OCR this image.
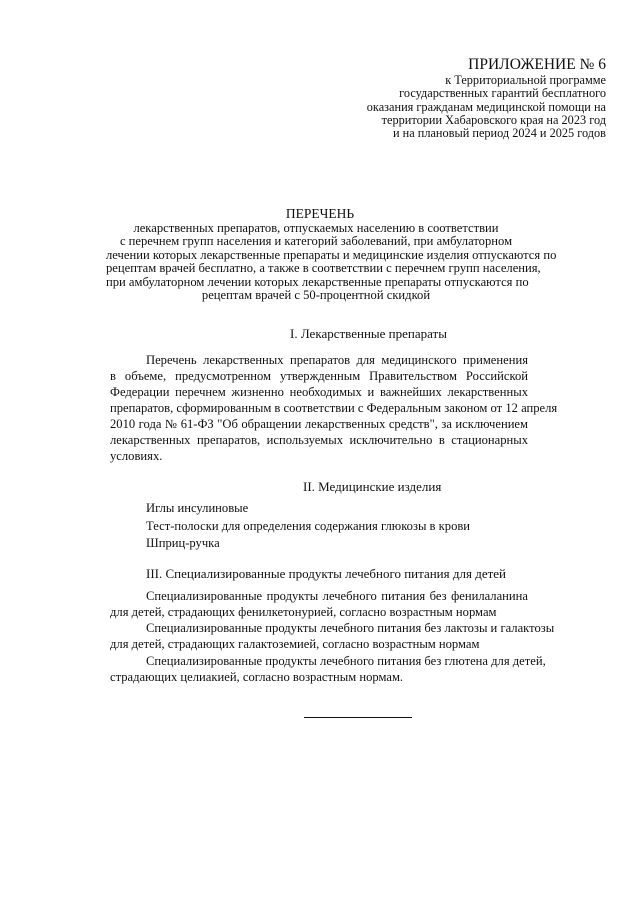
ПРИЛОЖЕНИЕ № 6
к Территориальной программе
государственных гарантий бесплатного
оказания гражданам медицинской помощи на
территории Хабаровского края на 2023 год
и на плановый период 2024 и 2025 годов
ПЕРЕЧЕНЬ
лекарственных препаратов, отпускаемых населению в соответствии
с перечнем групп населения и категорий заболеваний, при амбулаторном
лечении которых лекарственные препараты и медицинские изделия отпускаются по
рецептам врачей бесплатно, а также в соответствии с перечнем групп населения,
при амбулаторном лечении которых лекарственные препараты отпускаются по
рецептам врачей с 50-процентной скидкой
I. Лекарственные препараты
Перечень лекарственных препаратов для медицинского применения
в объеме, предусмотренном утвержденным Правительством Российской
Федерации перечнем жизненно необходимых и важнейших лекарственных
препаратов, сформированным в соответствии с Федеральным законом от 12 апреля
2010 года № 61-ФЗ "Об обращении лекарственных средств", за исключением
лекарственных препаратов, используемых исключительно в стационарных
условиях.
II. Медицинские изделия
Иглы инсулиновые
Тест-полоски для определения содержания глюкозы в крови
Шприц-ручка
III. Специализированные продукты лечебного питания для детей
Специализированные продукты лечебного питания без фенилаланина
для детей, страдающих фенилкетонурией, согласно возрастным нормам
Специализированные продукты лечебного питания без лактозы и галактозы
для детей, страдающих галактоземией, согласно возрастным нормам
Специализированные продукты лечебного питания без глютена для детей,
страдающих целиакией, согласно возрастным нормам.
